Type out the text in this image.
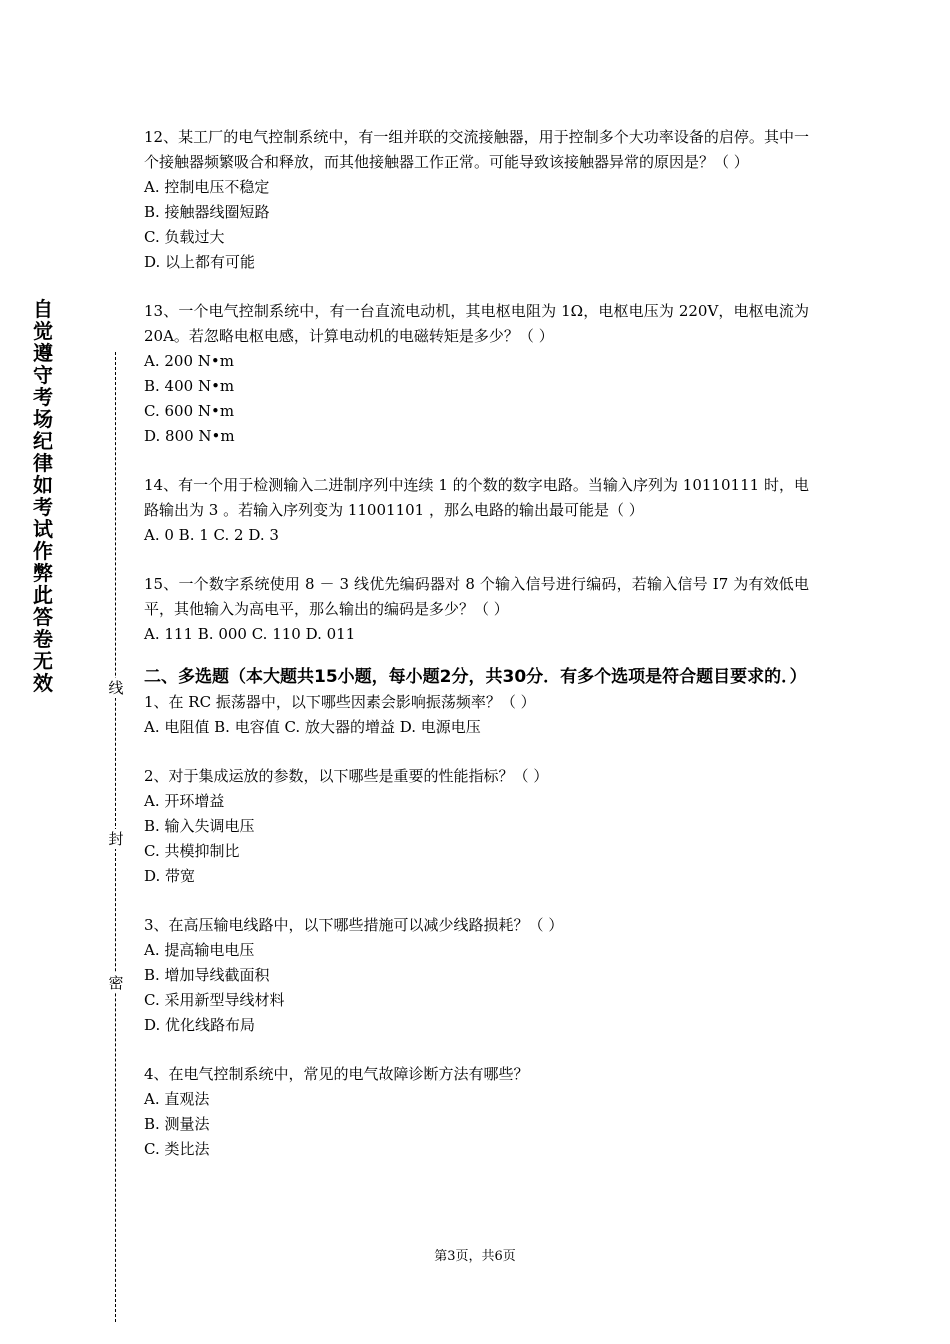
自觉遵守考场纪律如考试作弊此答卷无效	线
封
密

12、某工厂的电气控制系统中，有一组并联的交流接触器，用于控制多个大功率设备的启停。其中一个接触器频繁吸合和释放，而其他接触器工作正常。可能导致该接触器异常的原因是？（ ）

A. 控制电压不稳定

B. 接触器线圈短路

C. 负载过大

D. 以上都有可能

13、一个电气控制系统中，有一台直流电动机，其电枢电阻为 1Ω，电枢电压为 220V，电枢电流为 20A。若忽略电枢电感，计算电动机的电磁转矩是多少？（ ）

A. 200 N•m

B. 400 N•m

C. 600 N•m

D. 800 N•m

14、有一个用于检测输入二进制序列中连续 1 的个数的数字电路。当输入序列为 10110111 时，电路输出为 3 。若输入序列变为 11001101 ，那么电路的输出最可能是（ ）

A. 0 B. 1 C. 2 D. 3

15、一个数字系统使用 8 － 3 线优先编码器对 8 个输入信号进行编码，若输入信号 I7 为有效低电平，其他输入为高电平，那么输出的编码是多少？（ ）

A. 111 B. 000 C. 110 D. 011

二、多选题（本大题共15小题，每小题2分，共30分．有多个选项是符合题目要求的．）

1、在 RC 振荡器中，以下哪些因素会影响振荡频率？（ ）

A. 电阻值 B. 电容值 C. 放大器的增益 D. 电源电压

2、对于集成运放的参数，以下哪些是重要的性能指标？（ ）

A. 开环增益

B. 输入失调电压

C. 共模抑制比

D. 带宽

3、在高压输电线路中，以下哪些措施可以减少线路损耗？（ ）

A. 提高输电电压

B. 增加导线截面积

C. 采用新型导线材料

D. 优化线路布局

4、在电气控制系统中，常见的电气故障诊断方法有哪些？

A. 直观法

B. 测量法

C. 类比法

第3页，共6页
